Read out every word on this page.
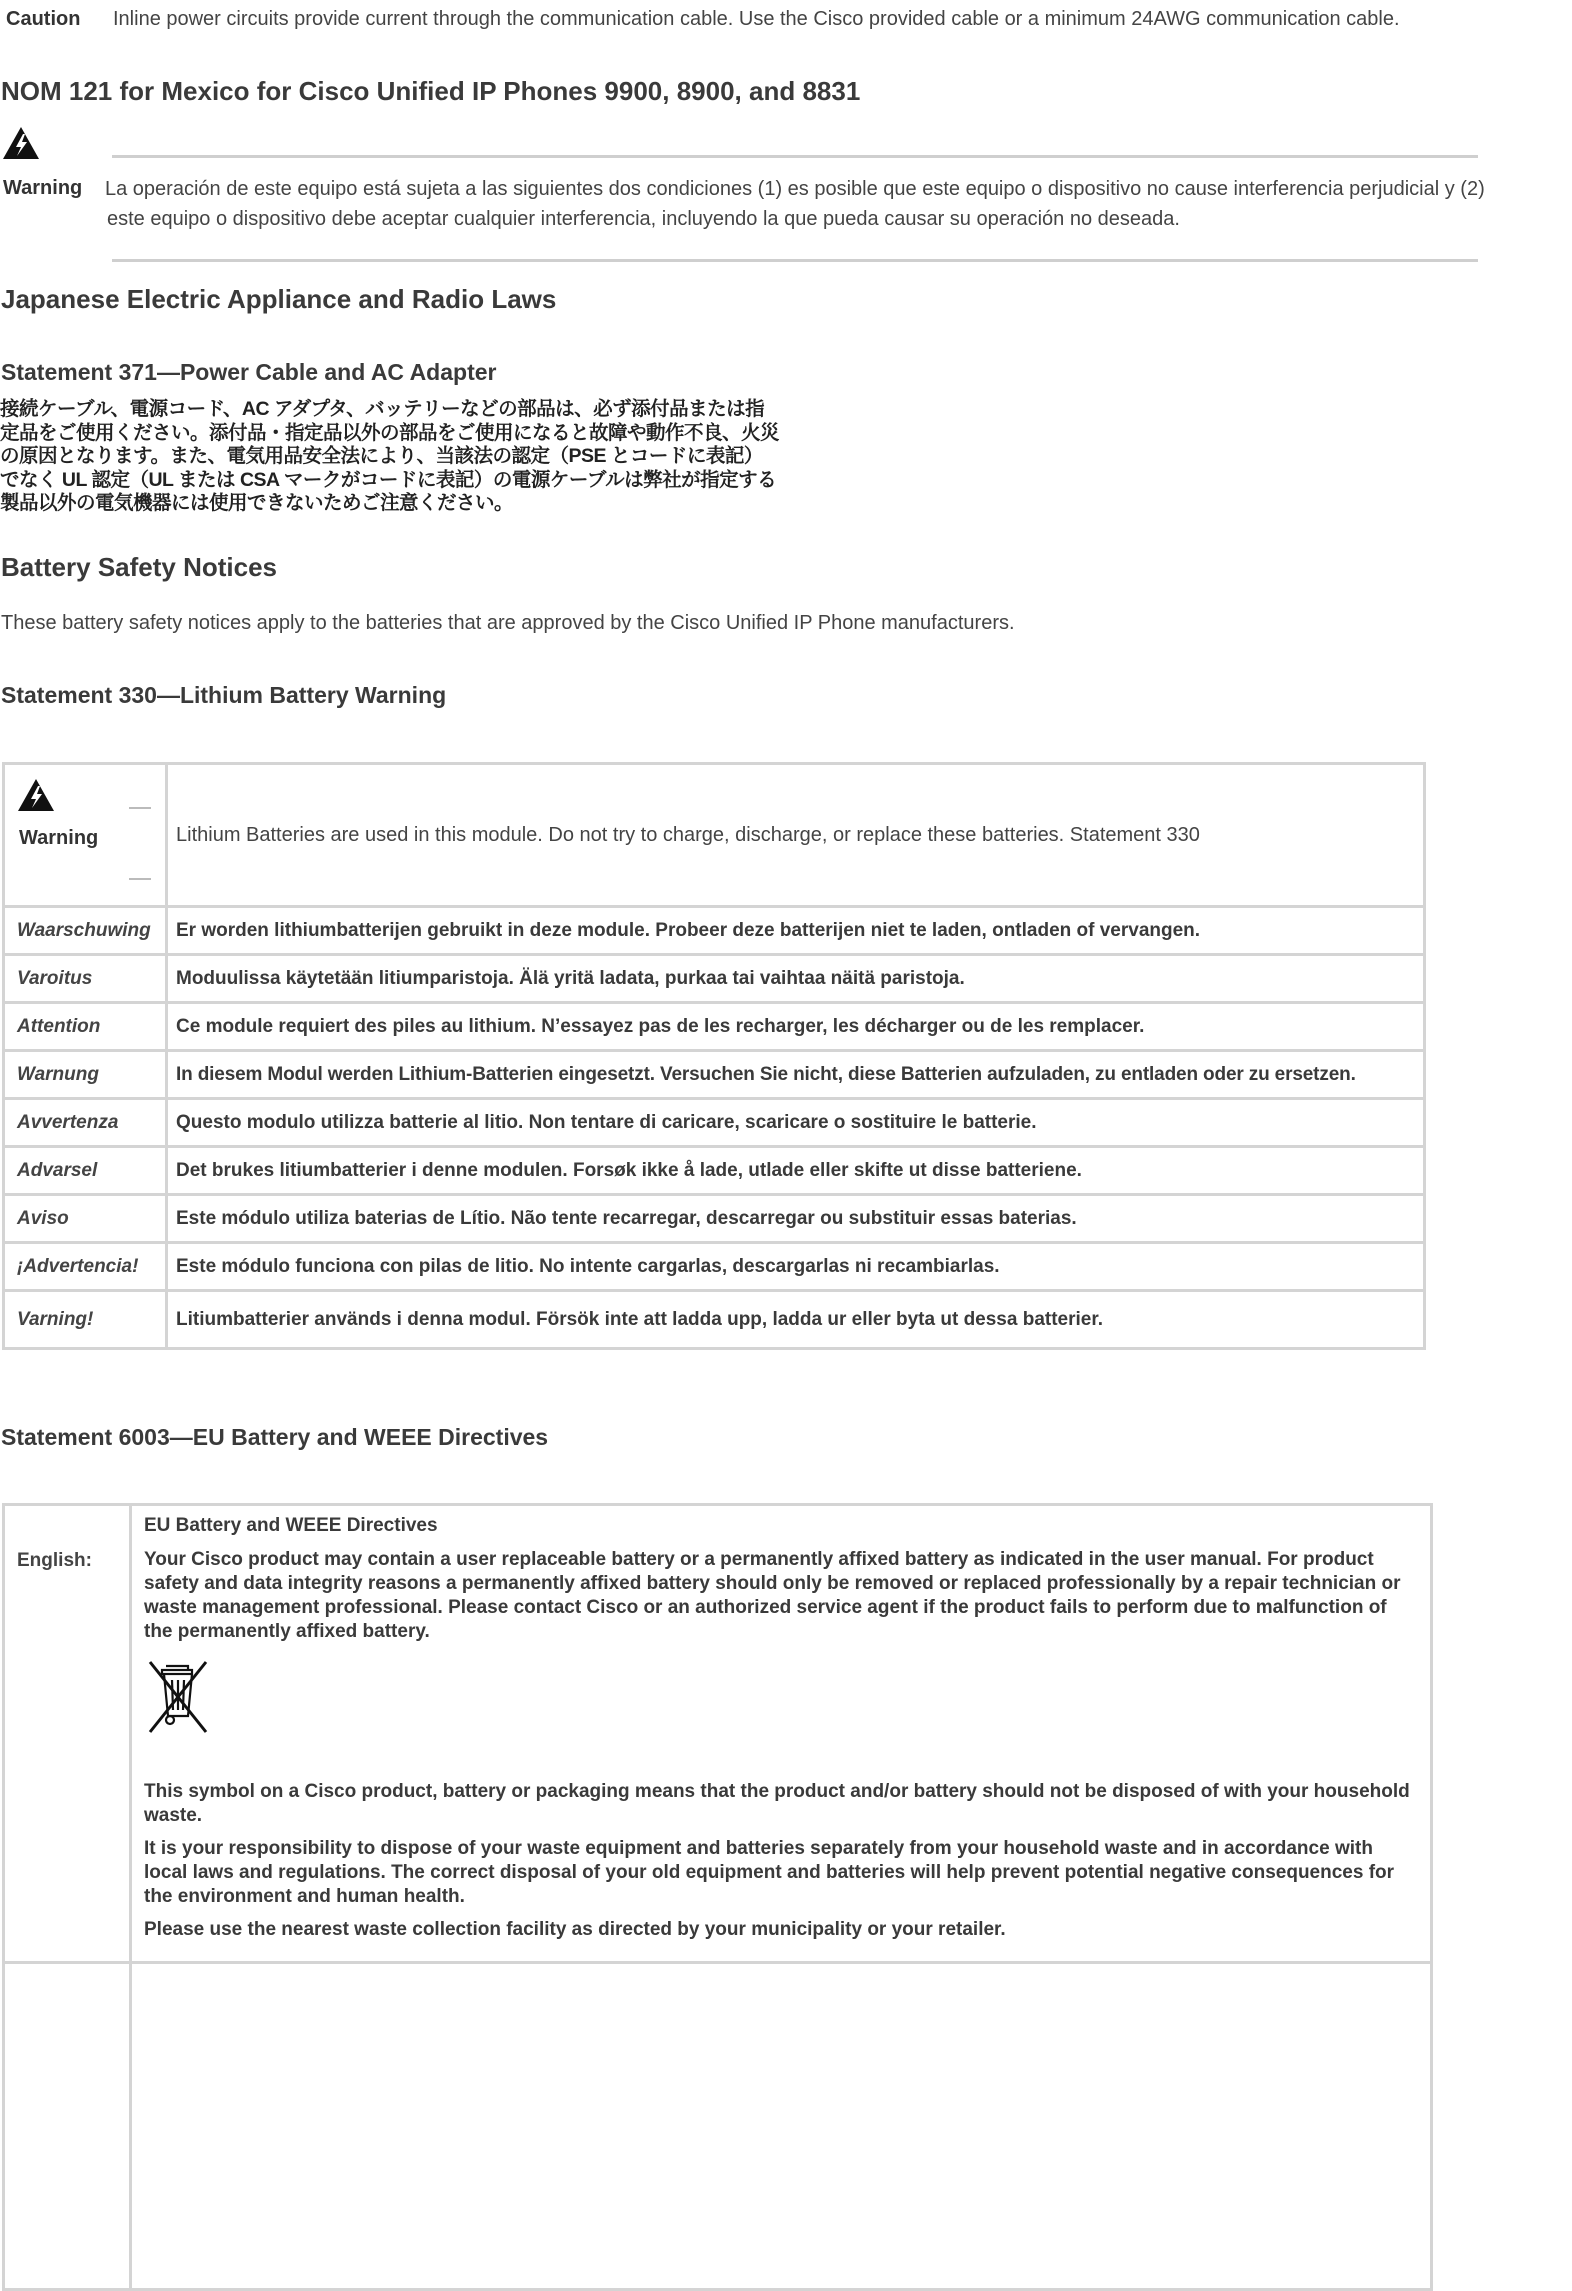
Caution Inline power circuits provide current through the communication cable. Use the Cisco provided cable or a minimum 24AWG communication cable.
NOM 121 for Mexico for Cisco Unified IP Phones 9900, 8900, and 8831
Warning La operación de este equipo está sujeta a las siguientes dos condiciones (1) es posible que este equipo o dispositivo no cause interferencia perjudicial y (2) este equipo o dispositivo debe aceptar cualquier interferencia, incluyendo la que pueda causar su operación no deseada.
Japanese Electric Appliance and Radio Laws
Statement 371—Power Cable and AC Adapter
接続ケーブル、電源コード、AC アダプタ、バッテリーなどの部品は、必ず添付品または指
定品をご使用ください。添付品・指定品以外の部品をご使用になると故障や動作不良、火災
の原因となります。また、電気用品安全法により、当該法の認定（PSE とコードに表記）
でなく UL 認定（UL または CSA マークがコードに表記）の電源ケーブルは弊社が指定する
製品以外の電気機器には使用できないためご注意ください。
Battery Safety Notices
These battery safety notices apply to the batteries that are approved by the Cisco Unified IP Phone manufacturers.
Statement 330—Lithium Battery Warning
Warning	Lithium Batteries are used in this module. Do not try to charge, discharge, or replace these batteries. Statement 330
Waarschuwing	Er worden lithiumbatterijen gebruikt in deze module. Probeer deze batterijen niet te laden, ontladen of vervangen.
Varoitus	Moduulissa käytetään litiumparistoja. Älä yritä ladata, purkaa tai vaihtaa näitä paristoja.
Attention	Ce module requiert des piles au lithium. N’essayez pas de les recharger, les décharger ou de les remplacer.
Warnung	In diesem Modul werden Lithium-Batterien eingesetzt. Versuchen Sie nicht, diese Batterien aufzuladen, zu entladen oder zu ersetzen.
Avvertenza	Questo modulo utilizza batterie al litio. Non tentare di caricare, scaricare o sostituire le batterie.
Advarsel	Det brukes litiumbatterier i denne modulen. Forsøk ikke å lade, utlade eller skifte ut disse batteriene.
Aviso	Este módulo utiliza baterias de Lítio. Não tente recarregar, descarregar ou substituir essas baterias.
¡Advertencia!	Este módulo funciona con pilas de litio. No intente cargarlas, descargarlas ni recambiarlas.
Varning!	Litiumbatterier används i denna modul. Försök inte att ladda upp, ladda ur eller byta ut dessa batterier.
Statement 6003—EU Battery and WEEE Directives
English:	EU Battery and WEEE Directives

Your Cisco product may contain a user replaceable battery or a permanently affixed battery as indicated in the user manual. For product safety and data integrity reasons a permanently affixed battery should only be removed or replaced professionally by a repair technician or waste management professional. Please contact Cisco or an authorized service agent if the product fails to perform due to malfunction of the permanently affixed battery.

This symbol on a Cisco product, battery or packaging means that the product and/or battery should not be disposed of with your household waste.

It is your responsibility to dispose of your waste equipment and batteries separately from your household waste and in accordance with local laws and regulations. The correct disposal of your old equipment and batteries will help prevent potential negative consequences for the environment and human health.

Please use the nearest waste collection facility as directed by your municipality or your retailer.
